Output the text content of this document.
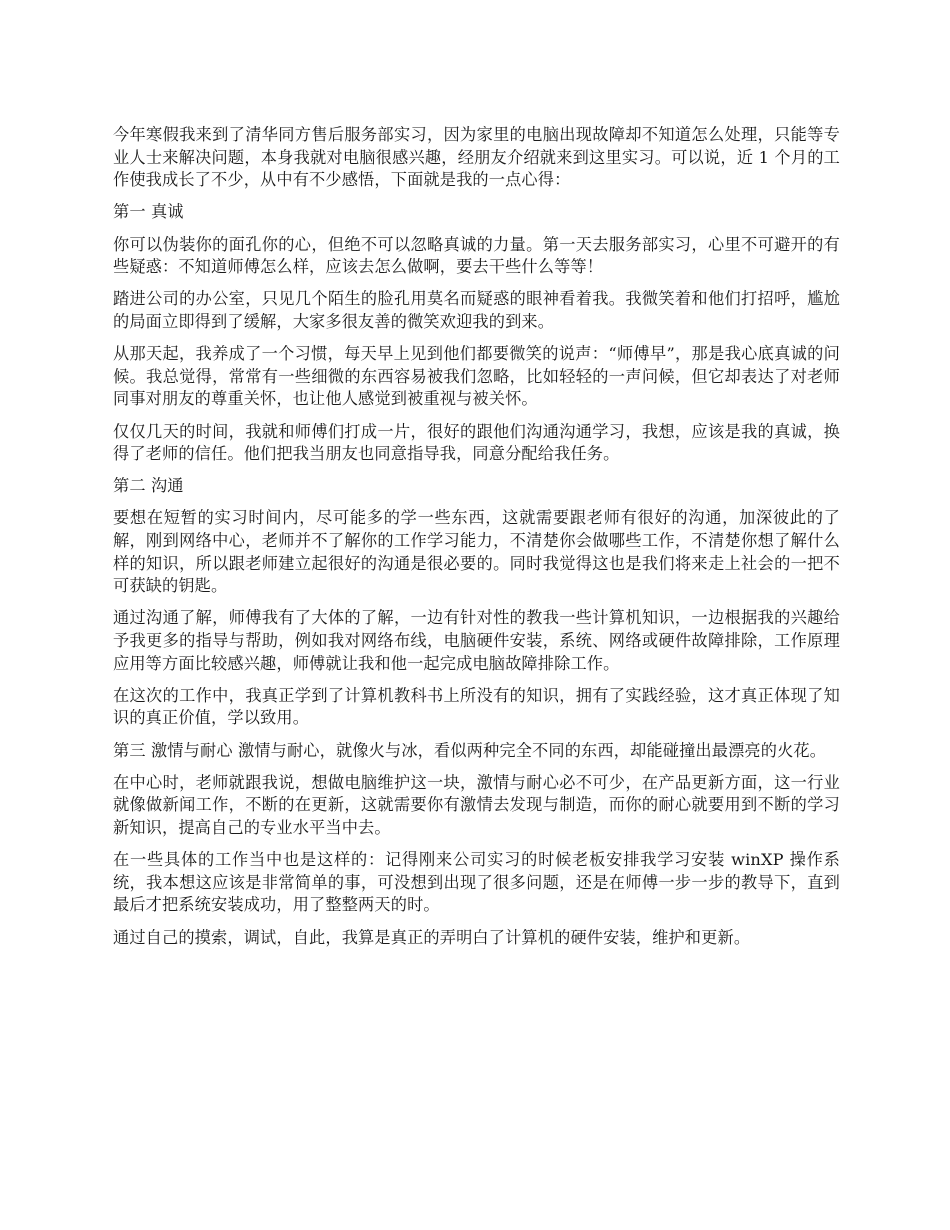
今年寒假我来到了清华同方售后服务部实习，因为家里的电脑出现故障却不知道怎么处理，只能等专业人士来解决问题，本身我就对电脑很感兴趣，经朋友介绍就来到这里实习。可以说，近 1 个月的工作使我成长了不少，从中有不少感悟，下面就是我的一点心得：

第一 真诚

你可以伪装你的面孔你的心，但绝不可以忽略真诚的力量。第一天去服务部实习，心里不可避开的有些疑惑：不知道师傅怎么样，应该去怎么做啊，要去干些什么等等！

踏进公司的办公室，只见几个陌生的脸孔用莫名而疑惑的眼神看着我。我微笑着和他们打招呼，尴尬的局面立即得到了缓解，大家多很友善的微笑欢迎我的到来。

从那天起，我养成了一个习惯，每天早上见到他们都要微笑的说声：“师傅早”，那是我心底真诚的问候。我总觉得，常常有一些细微的东西容易被我们忽略，比如轻轻的一声问候，但它却表达了对老师同事对朋友的尊重关怀，也让他人感觉到被重视与被关怀。

仅仅几天的时间，我就和师傅们打成一片，很好的跟他们沟通沟通学习，我想，应该是我的真诚，换得了老师的信任。他们把我当朋友也同意指导我，同意分配给我任务。

第二 沟通

要想在短暂的实习时间内，尽可能多的学一些东西，这就需要跟老师有很好的沟通，加深彼此的了解，刚到网络中心，老师并不了解你的工作学习能力，不清楚你会做哪些工作，不清楚你想了解什么样的知识，所以跟老师建立起很好的沟通是很必要的。同时我觉得这也是我们将来走上社会的一把不可获缺的钥匙。

通过沟通了解，师傅我有了大体的了解，一边有针对性的教我一些计算机知识，一边根据我的兴趣给予我更多的指导与帮助，例如我对网络布线，电脑硬件安装，系统、网络或硬件故障排除，工作原理应用等方面比较感兴趣，师傅就让我和他一起完成电脑故障排除工作。

在这次的工作中，我真正学到了计算机教科书上所没有的知识，拥有了实践经验，这才真正体现了知识的真正价值，学以致用。

第三 激情与耐心 激情与耐心，就像火与冰，看似两种完全不同的东西，却能碰撞出最漂亮的火花。

在中心时，老师就跟我说，想做电脑维护这一块，激情与耐心必不可少，在产品更新方面，这一行业就像做新闻工作，不断的在更新，这就需要你有激情去发现与制造，而你的耐心就要用到不断的学习新知识，提高自己的专业水平当中去。

在一些具体的工作当中也是这样的：记得刚来公司实习的时候老板安排我学习安装 winXP 操作系统，我本想这应该是非常简单的事，可没想到出现了很多问题，还是在师傅一步一步的教导下，直到最后才把系统安装成功，用了整整两天的时。

通过自己的摸索，调试，自此，我算是真正的弄明白了计算机的硬件安装，维护和更新。
